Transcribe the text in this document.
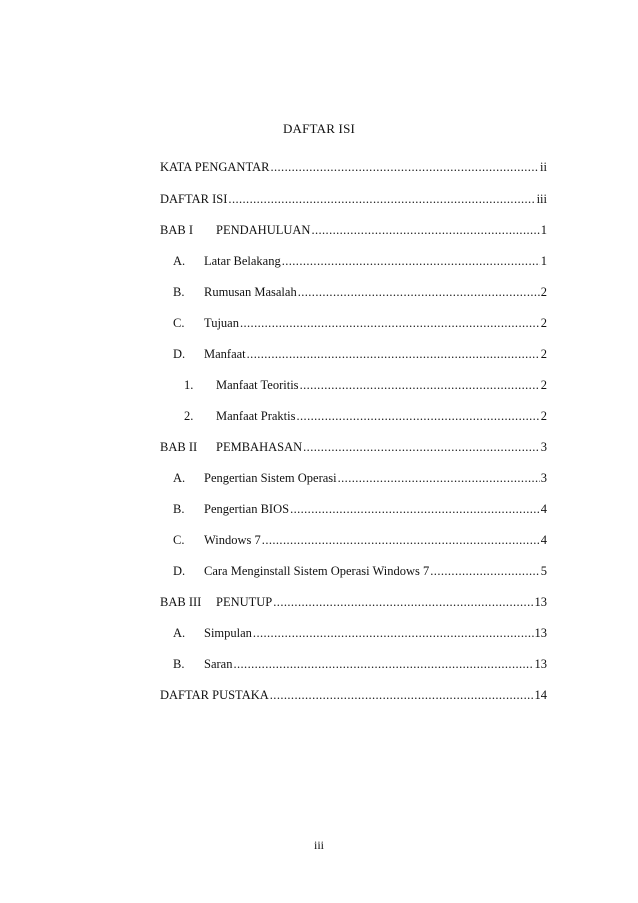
DAFTAR ISI
KATA PENGANTAR .....	ii
DAFTAR ISI .....	iii
BAB I	PENDAHULUAN .....	1
A.	Latar Belakang .....	1
B.	Rumusan Masalah .....	2
C.	Tujuan .....	2
D.	Manfaat .....	2
1.	Manfaat Teoritis .....	2
2.	Manfaat Praktis .....	2
BAB II	PEMBAHASAN .....	3
A.	Pengertian Sistem Operasi .....	3
B.	Pengertian BIOS .....	4
C.	Windows 7 .....	4
D.	Cara Menginstall Sistem Operasi Windows 7 .....	5
BAB III	PENUTUP .....	13
A.	Simpulan .....	13
B.	Saran .....	13
DAFTAR PUSTAKA .....	14
iii
